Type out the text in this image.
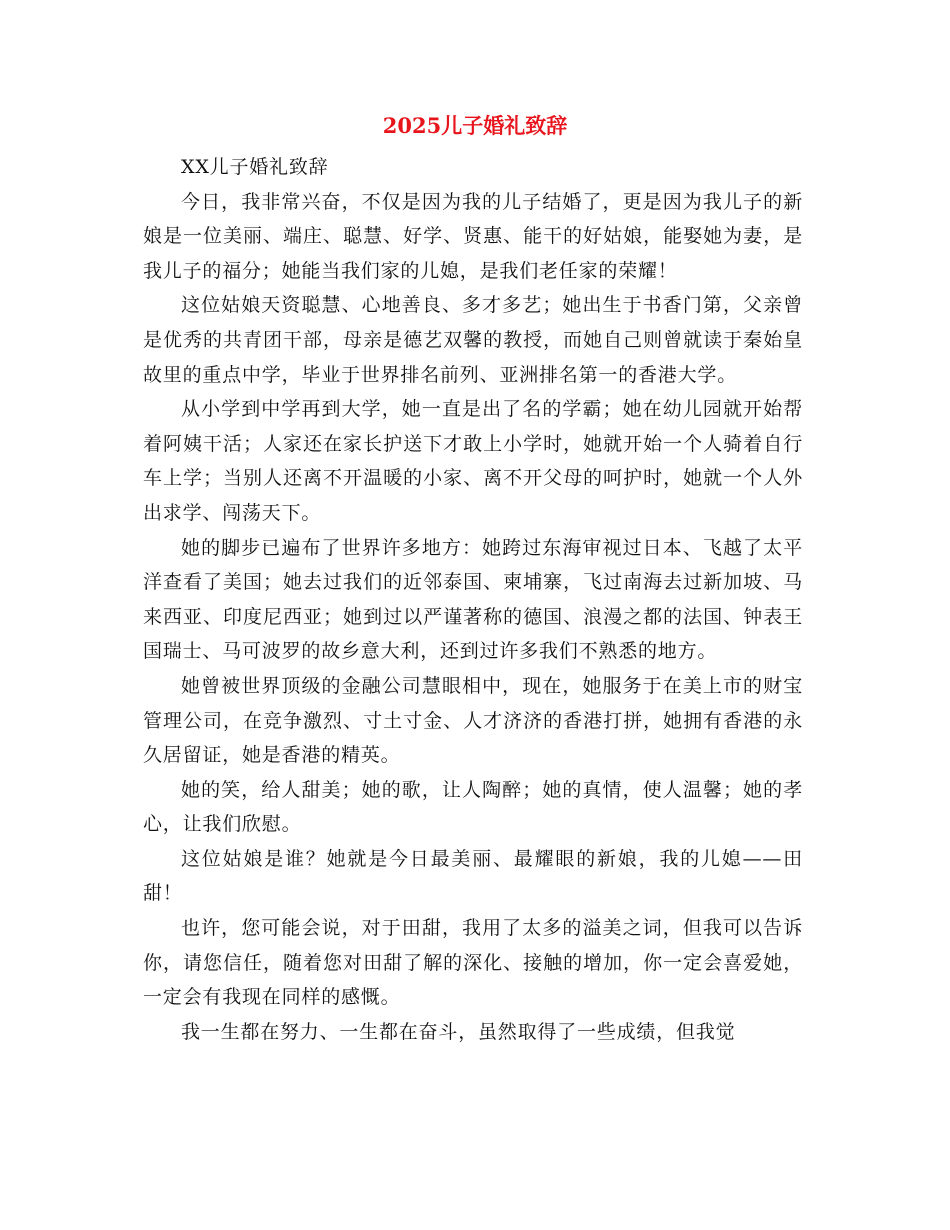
2025儿子婚礼致辞

XX儿子婚礼致辞

今日，我非常兴奋，不仅是因为我的儿子结婚了，更是因为我儿子的新娘是一位美丽、端庄、聪慧、好学、贤惠、能干的好姑娘，能娶她为妻，是我儿子的福分；她能当我们家的儿媳，是我们老任家的荣耀！

这位姑娘天资聪慧、心地善良、多才多艺；她出生于书香门第，父亲曾是优秀的共青团干部，母亲是德艺双馨的教授，而她自己则曾就读于秦始皇故里的重点中学，毕业于世界排名前列、亚洲排名第一的香港大学。

从小学到中学再到大学，她一直是出了名的学霸；她在幼儿园就开始帮着阿姨干活；人家还在家长护送下才敢上小学时，她就开始一个人骑着自行车上学；当别人还离不开温暖的小家、离不开父母的呵护时，她就一个人外出求学、闯荡天下。

她的脚步已遍布了世界许多地方：她跨过东海审视过日本、飞越了太平洋查看了美国；她去过我们的近邻泰国、柬埔寨，飞过南海去过新加坡、马来西亚、印度尼西亚；她到过以严谨著称的德国、浪漫之都的法国、钟表王国瑞士、马可波罗的故乡意大利，还到过许多我们不熟悉的地方。

她曾被世界顶级的金融公司慧眼相中，现在，她服务于在美上市的财宝管理公司，在竞争激烈、寸土寸金、人才济济的香港打拼，她拥有香港的永久居留证，她是香港的精英。

她的笑，给人甜美；她的歌，让人陶醉；她的真情，使人温馨；她的孝心，让我们欣慰。

这位姑娘是谁？她就是今日最美丽、最耀眼的新娘，我的儿媳——田甜！

也许，您可能会说，对于田甜，我用了太多的溢美之词，但我可以告诉你，请您信任，随着您对田甜了解的深化、接触的增加，你一定会喜爱她，一定会有我现在同样的感慨。

我一生都在努力、一生都在奋斗，虽然取得了一些成绩，但我觉
